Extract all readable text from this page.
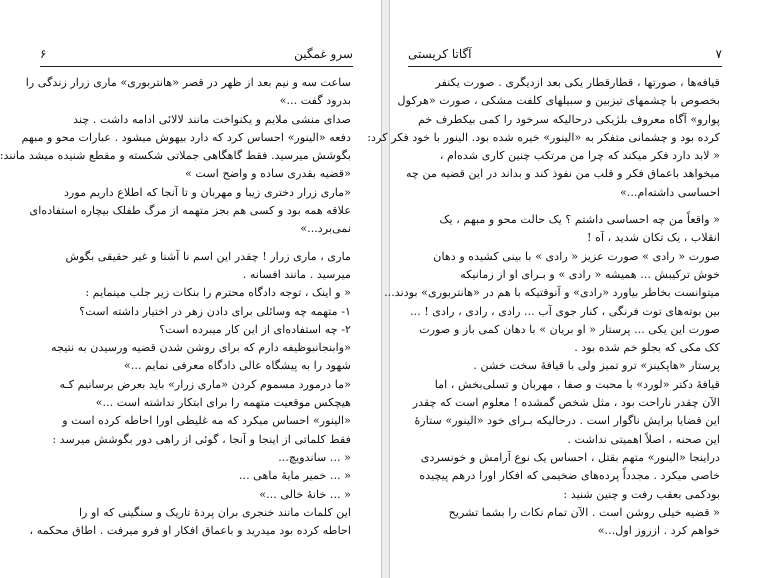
۶	سرو غمگین
ساعت سه و نیم بعد از ظهر در قصر «هانتربوری» ماری زرار زندگی را
بدرود گفت ...»
صدای منشی ملایم و یکنواخت مانند لالائی ادامه داشت . چند
دفعه «الینور» احساس کرد که دارد بیهوش میشود . عبارات محو و مبهم
بگوشش میرسید. فقط گاهگاهی جملاتی شکسته و مقطع شنیده میشد مانند:
«قضیه بقدری ساده و واضح است »
«ماری زرار دختری زیبا و مهربان و تا آنجا که اطلاع داریم مورد
علاقه همه بود و کسی هم بجز متهمه از مرگ طفلک بیچاره استفاده‌ای
نمی‌برد...»
ماری ، ماری زرار ! چقدر این اسم نا آشنا و غیر حقیقی بگوش
میرسید . مانند افسانه .
« و اینک ، توجه دادگاه محترم را بنکات زیر جلب مینمایم :
۱- متهمه چه وسائلی برای دادن زهر در اختیار داشته است؟
۲- چه استفاده‌ای از این کار میبرده است؟
«وابنجانبوظیفه دارم که برای روشن شدن قضیه ورسیدن به نتیجه
شهود را به پیشگاه عالی دادگاه معرفی نمایم ...»
«ما درمورد مسموم کردن «ماری زرار» باید بعرض برسانیم کـه
هیچکس موقعیت متهمه را برای ابتکار نداشته است ...»
«الینور» احساس میکرد که مه غلیظی اورا احاطه کرده است و
فقط کلماتی از اینجا و آنجا ، گوئی از راهی دور بگوشش میرسد :
« ... ساندویچ...
« ... خمیر مایهٔ ماهی ...
« ... خانهٔ خالی ...»
این کلمات مانند خنجری بران پردهٔ تاریک و سنگینی که او را
احاطه کرده بود میدرید و باعماق افکار او فرو میرفت . اطاق محکمه ،
آگاتا کریستی	۷
قیافه‌ها ، صورتها ، قطارقطار یکی بعد ازدیگری . صورت یکنفر
بخصوص با چشمهای تیزبین و سبیلهای کلفت مشکی ، صورت «هرکول
پوارو» آگاه معروف بلژیکی درحالیکه سرخود را کمی بیکطرف خم
کرده بود و چشمانی متفکر به «الینور» خیره شده بود. الینور با خود فکر کرد:
« لابد دارد فکر میکند که چرا من مرتکب چنین کاری شده‌ام ،
میخواهد باعماق فکر و قلب من نفوذ کند و بداند در این قضیه من چه
احساسی داشته‌ام...»
« واقعاً من چه احساسی داشتم ؟ یک حالت محو و مبهم ، یک
انقلاب ، یک تکان شدید ، آه !
صورت « رادی » صورت عزیز « رادی » با بینی کشیده و دهان
خوش ترکیبش ... همیشه « رادی » و بـرای او از زمانیکه
میتوانست بخاطر بیاورد «رادی» و آنوقتیکه با هم در «هانتربوری» بودند...
بین بوته‌های توت فرنگی ، کنار جوی آب ... رادی ، رادی ، رادی ! ...
صورت این یکی ... پرستار « او بریان » با دهان کمی باز و صورت
کک مکی که بجلو خم شده بود .
پرستار «هاپکینز» ترو تمیز ولی با قیافهٔ سخت خشن .
قیافهٔ دکتر «لورد» با محبت و صفا ، مهربان و تسلی‌بخش ، اما
الآن چقدر ناراحت بود ، مثل شخص گمشده ! معلوم است که چقدر
این قضایا برایش ناگوار است . درحالیکه بـرای خود «الینور» ستارهٔ
این صحنه ، اصلاً اهمیتی نداشت .
دراینجا «الینور» متهم بقتل ، احساس یک نوع آرامش و خونسردی
خاصی میکرد . مجدداً پرده‌های ضخیمی که افکار اورا درهم پیچیده
بودکمی بعقب رفت و چنین شنید :
« قضیه خیلی روشن است . الآن تمام نکات را بشما تشریح
خواهم کرد . ازروز اول...»
